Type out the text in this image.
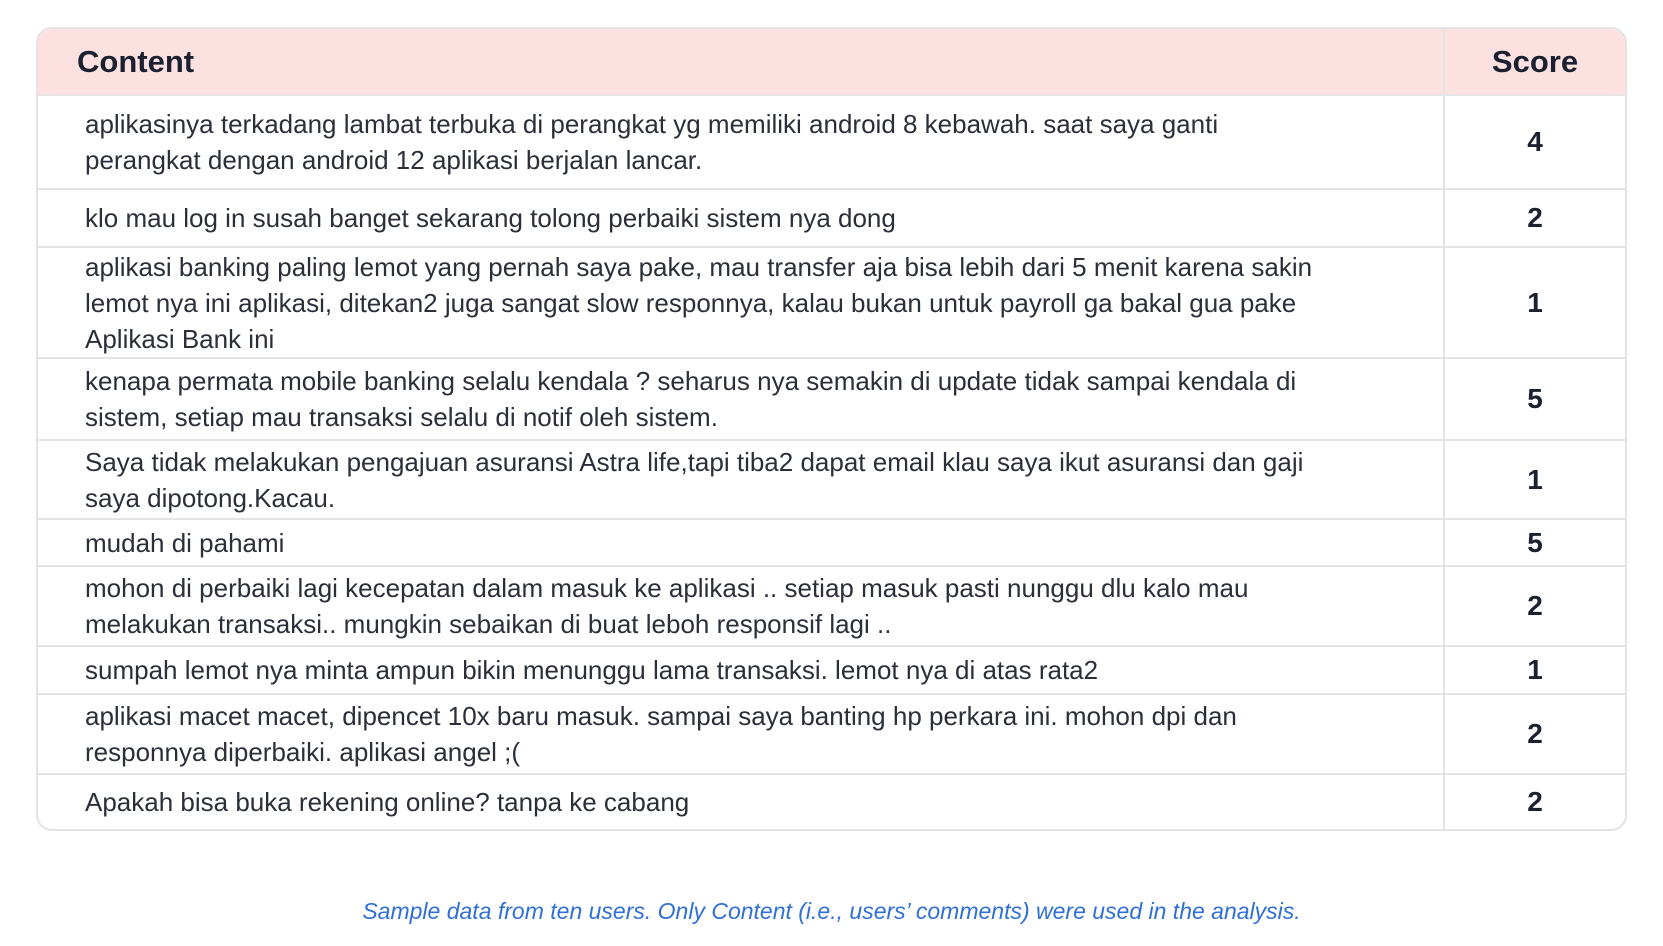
Content	Score
aplikasinya terkadang lambat terbuka di perangkat yg memiliki android 8 kebawah. saat saya ganti perangkat dengan android 12 aplikasi berjalan lancar.	4
klo mau log in susah banget sekarang tolong perbaiki sistem nya dong	2
aplikasi banking paling lemot yang pernah saya pake, mau transfer aja bisa lebih dari 5 menit karena sakin lemot nya ini aplikasi, ditekan2 juga sangat slow responnya, kalau bukan untuk payroll ga bakal gua pake Aplikasi Bank ini	1
kenapa permata mobile banking selalu kendala ? seharus nya semakin di update tidak sampai kendala di sistem, setiap mau transaksi selalu di notif oleh sistem.	5
Saya tidak melakukan pengajuan asuransi Astra life,tapi tiba2 dapat email klau saya ikut asuransi dan gaji saya dipotong.Kacau.	1
mudah di pahami	5
mohon di perbaiki lagi kecepatan dalam masuk ke aplikasi .. setiap masuk pasti nunggu dlu kalo mau melakukan transaksi.. mungkin sebaikan di buat leboh responsif lagi ..	2
sumpah lemot nya minta ampun bikin menunggu lama transaksi. lemot nya di atas rata2	1
aplikasi macet macet, dipencet 10x baru masuk. sampai saya banting hp perkara ini. mohon dpi dan responnya diperbaiki. aplikasi angel ;(	2
Apakah bisa buka rekening online? tanpa ke cabang	2
Sample data from ten users. Only Content (i.e., users’ comments) were used in the analysis.
